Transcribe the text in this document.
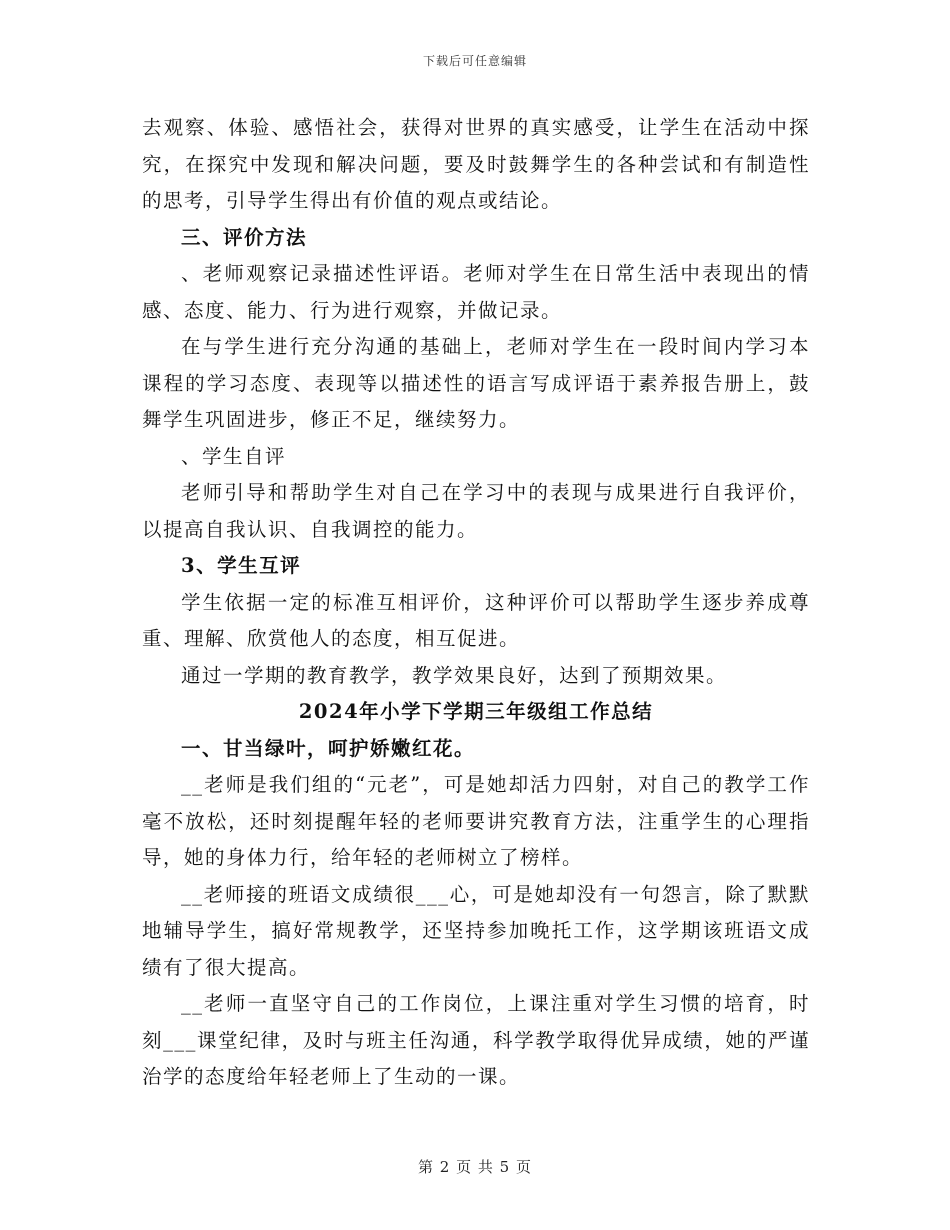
下载后可任意编辑

去观察、体验、感悟社会，获得对世界的真实感受，让学生在活动中探究，在探究中发现和解决问题，要及时鼓舞学生的各种尝试和有制造性的思考，引导学生得出有价值的观点或结论。

三、评价方法

、老师观察记录描述性评语。老师对学生在日常生活中表现出的情感、态度、能力、行为进行观察，并做记录。

在与学生进行充分沟通的基础上，老师对学生在一段时间内学习本课程的学习态度、表现等以描述性的语言写成评语于素养报告册上，鼓舞学生巩固进步，修正不足，继续努力。

、学生自评

老师引导和帮助学生对自己在学习中的表现与成果进行自我评价，以提高自我认识、自我调控的能力。

3、学生互评

学生依据一定的标准互相评价，这种评价可以帮助学生逐步养成尊重、理解、欣赏他人的态度，相互促进。

通过一学期的教育教学，教学效果良好，达到了预期效果。

2024年小学下学期三年级组工作总结

一、甘当绿叶，呵护娇嫩红花。

__老师是我们组的“元老”，可是她却活力四射，对自己的教学工作毫不放松，还时刻提醒年轻的老师要讲究教育方法，注重学生的心理指导，她的身体力行，给年轻的老师树立了榜样。

__老师接的班语文成绩很___心，可是她却没有一句怨言，除了默默地辅导学生，搞好常规教学，还坚持参加晚托工作，这学期该班语文成绩有了很大提高。

__老师一直坚守自己的工作岗位，上课注重对学生习惯的培育，时刻___课堂纪律，及时与班主任沟通，科学教学取得优异成绩，她的严谨治学的态度给年轻老师上了生动的一课。

第 2 页 共 5 页
